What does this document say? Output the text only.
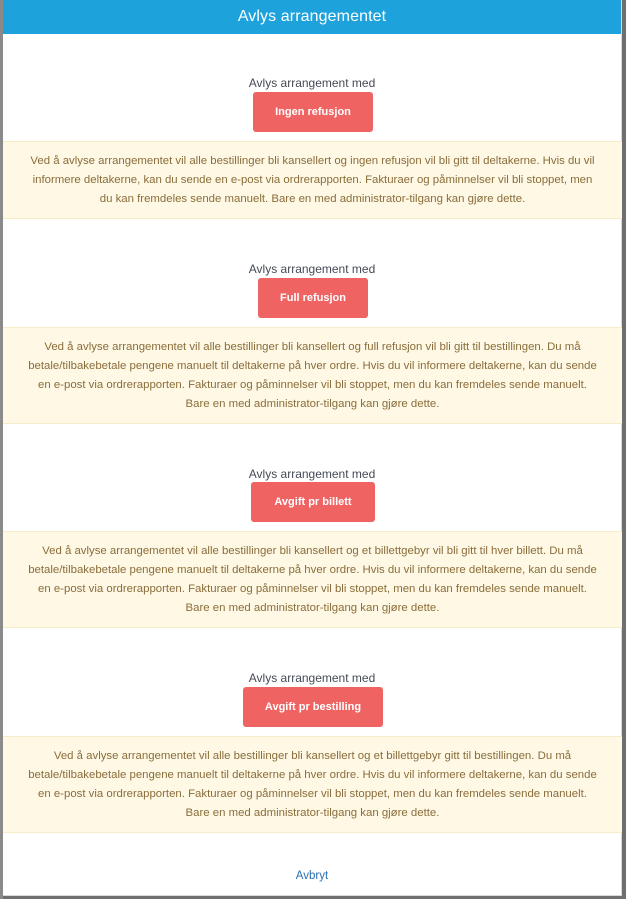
Avlys arrangementet
Avlys arrangement med
Ingen refusjon
Ved å avlyse arrangementet vil alle bestillinger bli kansellert og ingen refusjon vil bli gitt til deltakerne. Hvis du vil informere deltakerne, kan du sende en e-post via ordrerapporten. Fakturaer og påminnelser vil bli stoppet, men du kan fremdeles sende manuelt. Bare en med administrator-tilgang kan gjøre dette.
Avlys arrangement med
Full refusjon
Ved å avlyse arrangementet vil alle bestillinger bli kansellert og full refusjon vil bli gitt til bestillingen. Du må betale/tilbakebetale pengene manuelt til deltakerne på hver ordre. Hvis du vil informere deltakerne, kan du sende en e-post via ordrerapporten. Fakturaer og påminnelser vil bli stoppet, men du kan fremdeles sende manuelt. Bare en med administrator-tilgang kan gjøre dette.
Avlys arrangement med
Avgift pr billett
Ved å avlyse arrangementet vil alle bestillinger bli kansellert og et billettgebyr vil bli gitt til hver billett. Du må betale/tilbakebetale pengene manuelt til deltakerne på hver ordre. Hvis du vil informere deltakerne, kan du sende en e-post via ordrerapporten. Fakturaer og påminnelser vil bli stoppet, men du kan fremdeles sende manuelt. Bare en med administrator-tilgang kan gjøre dette.
Avlys arrangement med
Avgift pr bestilling
Ved å avlyse arrangementet vil alle bestillinger bli kansellert og et billettgebyr gitt til bestillingen. Du må betale/tilbakebetale pengene manuelt til deltakerne på hver ordre. Hvis du vil informere deltakerne, kan du sende en e-post via ordrerapporten. Fakturaer og påminnelser vil bli stoppet, men du kan fremdeles sende manuelt. Bare en med administrator-tilgang kan gjøre dette.
Avbryt
